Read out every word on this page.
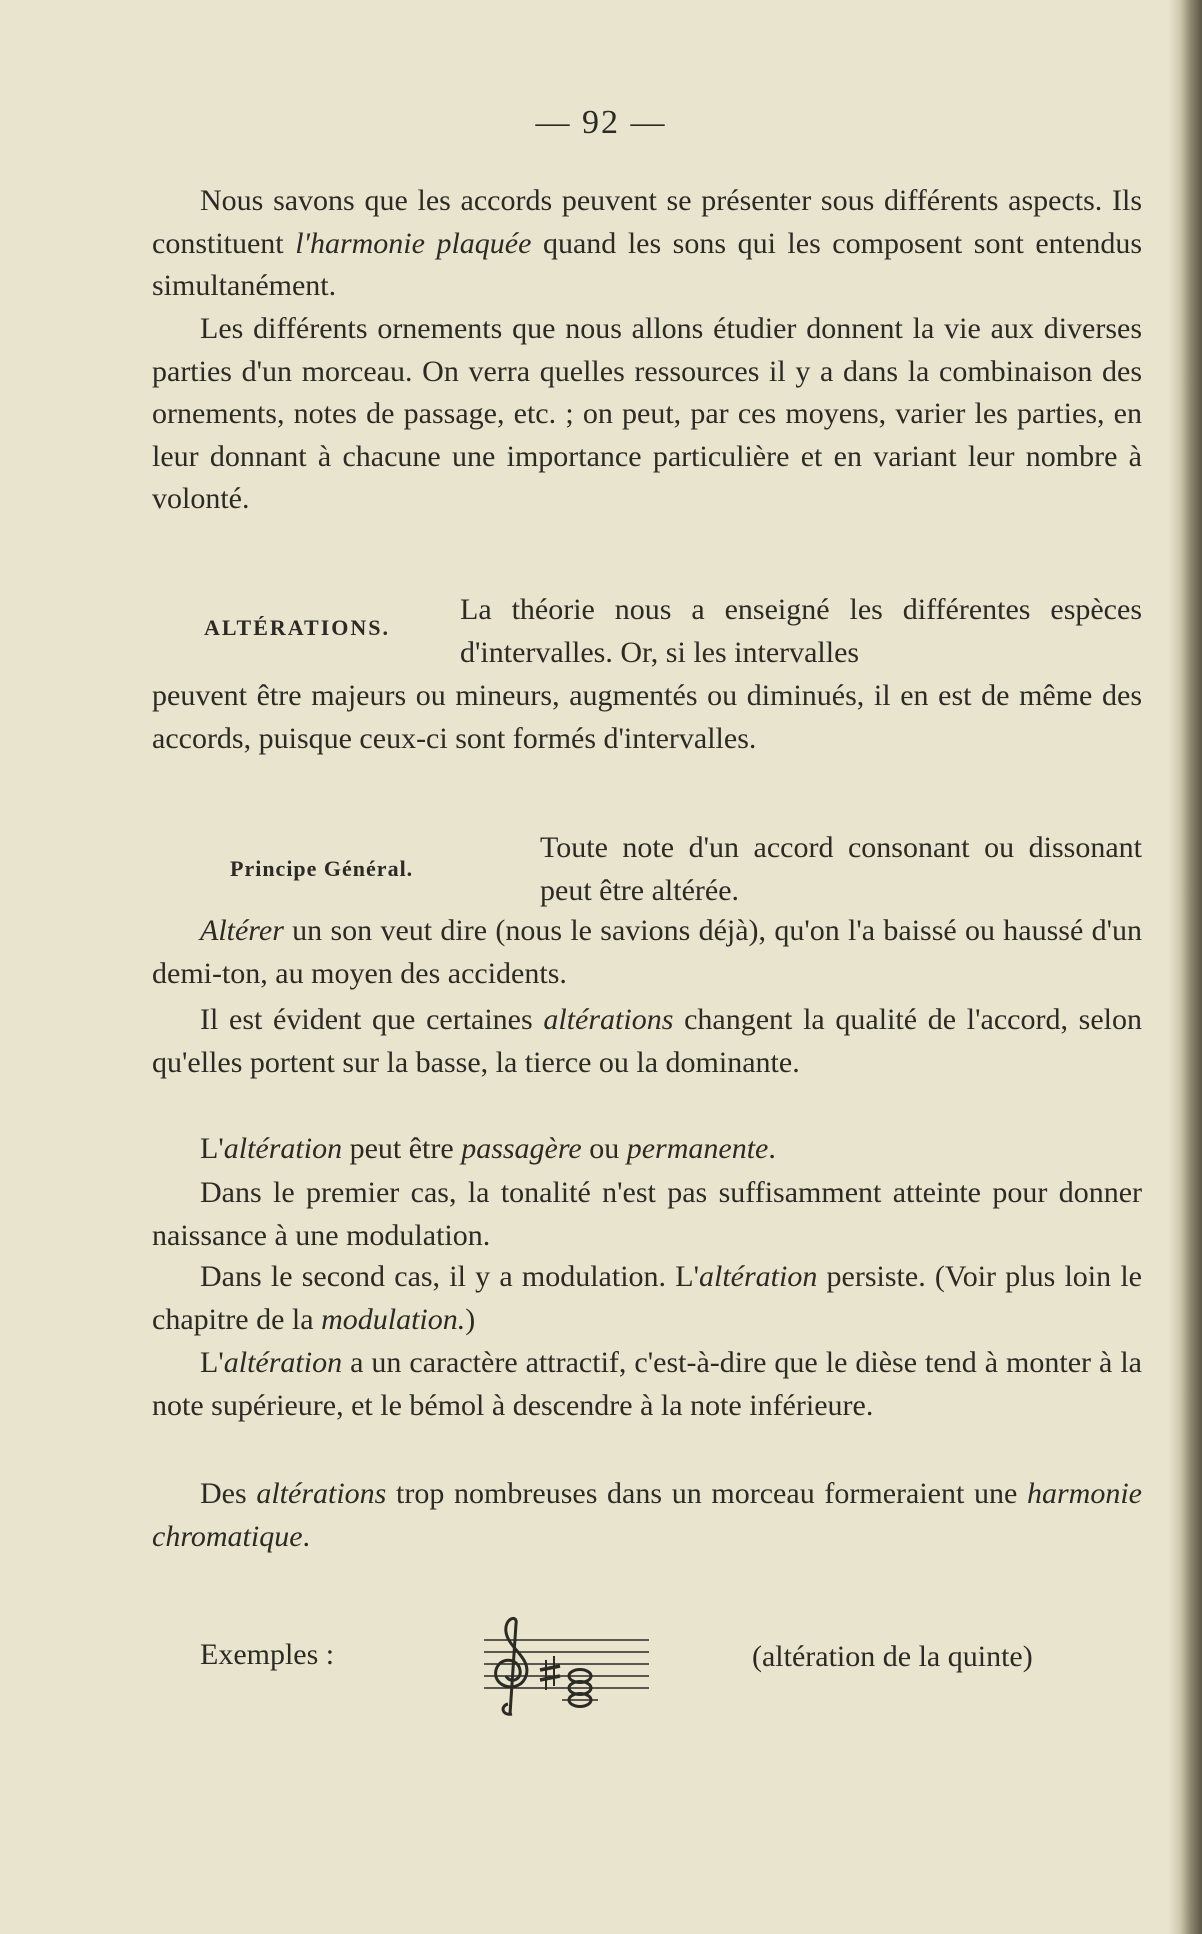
— 92 —

Nous savons que les accords peuvent se présenter sous différents aspects. Ils constituent l'harmonie plaquée quand les sons qui les composent sont entendus simultanément.

Les différents ornements que nous allons étudier donnent la vie aux diverses parties d'un morceau. On verra quelles ressources il y a dans la combinaison des ornements, notes de passage, etc. ; on peut, par ces moyens, varier les parties, en leur donnant à chacune une importance particulière et en variant leur nombre à volonté.

ALTÉRATIONS.

La théorie nous a enseigné les différentes espèces d'intervalles. Or, si les intervalles

peuvent être majeurs ou mineurs, augmentés ou diminués, il en est de même des accords, puisque ceux-ci sont formés d'intervalles.

Principe Général.

Toute note d'un accord consonant ou dissonant peut être altérée.

Altérer un son veut dire (nous le savions déjà), qu'on l'a baissé ou haussé d'un demi-ton, au moyen des accidents.

Il est évident que certaines altérations changent la qualité de l'accord, selon qu'elles portent sur la basse, la tierce ou la dominante.

L'altération peut être passagère ou permanente.

Dans le premier cas, la tonalité n'est pas suffisamment atteinte pour donner naissance à une modulation.

Dans le second cas, il y a modulation. L'altération persiste. (Voir plus loin le chapitre de la modulation.)

L'altération a un caractère attractif, c'est-à-dire que le dièse tend à monter à la note supérieure, et le bémol à descendre à la note inférieure.

Des altérations trop nombreuses dans un morceau formeraient une harmonie chromatique.

Exemples :	(altération de la quinte)
